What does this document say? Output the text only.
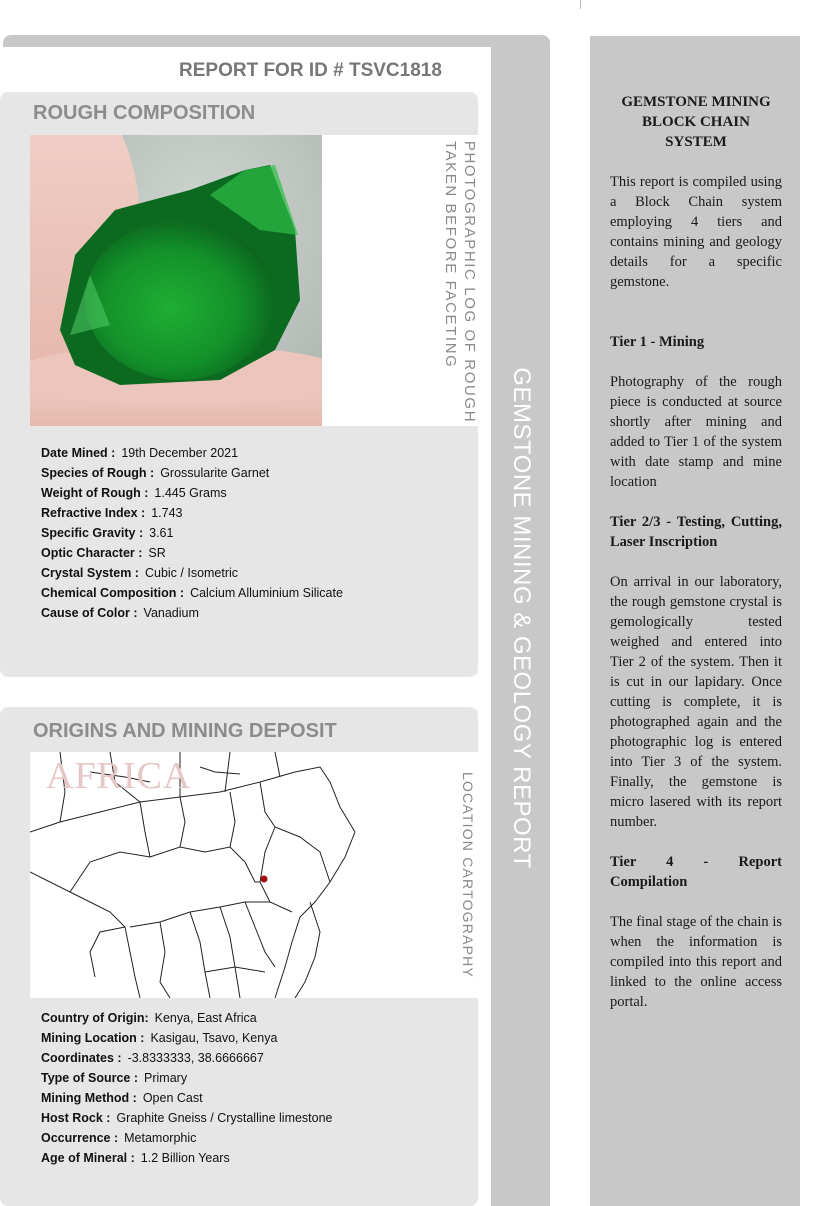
GEMSTONE MINING & GEOLOGY REPORT
ROUGH COMPOSITION
REPORT FOR ID # TSVC1818
PHOTOGRAPHIC LOG OF ROUGH
TAKEN BEFORE FACETING
Date Mined : 19th December 2021
Species of Rough : Grossularite Garnet
Weight of Rough : 1.445 Grams
Refractive Index : 1.743
Specific Gravity : 3.61
Optic Character : SR
Crystal System : Cubic / Isometric
Chemical Composition : Calcium Alluminium Silicate
Cause of Color : Vanadium
ORIGINS AND MINING DEPOSIT
AFRICA	LOCATION CARTOGRAPHY
Country of Origin: Kenya, East Africa
Mining Location : Kasigau, Tsavo, Kenya
Coordinates : -3.8333333, 38.6666667
Type of Source : Primary
Mining Method : Open Cast
Host Rock : Graphite Gneiss / Crystalline limestone
Occurrence : Metamorphic
Age of Mineral : 1.2 Billion Years
GEMSTONE MINING BLOCK CHAIN SYSTEM

This report is compiled using a Block Chain system employing 4 tiers and contains mining and geology details for a specific gemstone.

Tier 1 - Mining

Photography of the rough piece is conducted at source shortly after mining and added to Tier 1 of the system with date stamp and mine location

Tier 2/3 - Testing, Cutting, Laser Inscription

On arrival in our laboratory, the rough gemstone crystal is gemologically tested weighed and entered into Tier 2 of the system. Then it is cut in our lapidary. Once cutting is complete, it is photographed again and the photographic log is entered into Tier 3 of the system. Finally, the gemstone is micro lasered with its report number.

Tier 4 - Report Compilation

The final stage of the chain is when the information is compiled into this report and linked to the online access portal.
